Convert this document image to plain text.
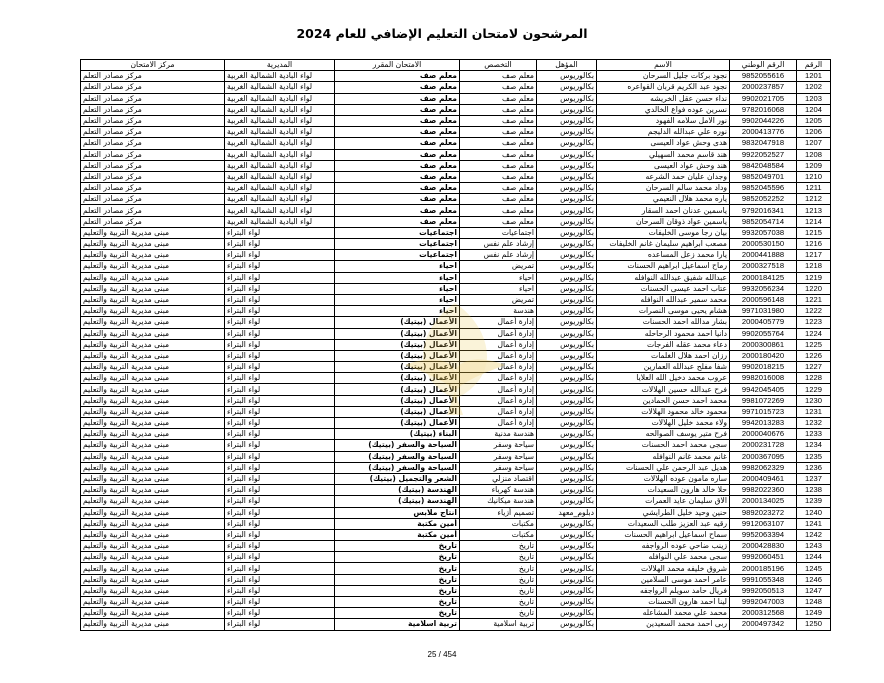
المرشحون لامتحان التعليم الإضافي للعام 2024
الرقم	الرقم الوطني	الاسم	المؤهل	التخصص	الامتحان المقرر	المديرية	مركز الامتحان
1201	9852055616	نجود بركات جليل السرحان	بكالوريوس	معلم صف	معلم صف	لواء البادية الشمالية الغربية	مركز مصادر التعلم
1202	2000237857	نجود عبد الكريم قربان القواعره	بكالوريوس	معلم صف	معلم صف	لواء البادية الشمالية الغربية	مركز مصادر التعلم
1203	9902021705	نداء حسن عقل الخريشه	بكالوريوس	معلم صف	معلم صف	لواء البادية الشمالية الغربية	مركز مصادر التعلم
1204	9782016068	نسرين عوده فواع الخالدي	بكالوريوس	معلم صف	معلم صف	لواء البادية الشمالية الغربية	مركز مصادر التعلم
1205	9902044226	نور الامل سلامه الفهود	بكالوريوس	معلم صف	معلم صف	لواء البادية الشمالية الغربية	مركز مصادر التعلم
1206	2000413776	نوره علي عبدالله الدليجم	بكالوريوس	معلم صف	معلم صف	لواء البادية الشمالية الغربية	مركز مصادر التعلم
1207	9832047918	هدى وحش عواد العيسى	بكالوريوس	معلم صف	معلم صف	لواء البادية الشمالية الغربية	مركز مصادر التعلم
1208	9922052527	هند قاسم محمد السهيلي	بكالوريوس	معلم صف	معلم صف	لواء البادية الشمالية الغربية	مركز مصادر التعلم
1209	9842048584	هند وحش عواد العيسى	بكالوريوس	معلم صف	معلم صف	لواء البادية الشمالية الغربية	مركز مصادر التعلم
1210	9852049701	وجدان عليان حمد الشرعه	بكالوريوس	معلم صف	معلم صف	لواء البادية الشمالية الغربية	مركز مصادر التعلم
1211	9852045596	وداد محمد سالم السرحان	بكالوريوس	معلم صف	معلم صف	لواء البادية الشمالية الغربية	مركز مصادر التعلم
1212	9852052252	ياره محمد هلال النعيمي	بكالوريوس	معلم صف	معلم صف	لواء البادية الشمالية الغربية	مركز مصادر التعلم
1213	9792016341	ياسمين عدنان احمد السقار	بكالوريوس	معلم صف	معلم صف	لواء البادية الشمالية الغربية	مركز مصادر التعلم
1214	9852054714	ياسمين عواد ذوقان السرحان	بكالوريوس	معلم صف	معلم صف	لواء البادية الشمالية الغربية	مركز مصادر التعلم
1215	9932057038	بيان رجا موسى الخليفات	بكالوريوس	اجتماعيات	اجتماعيات	لواء البتراء	مبنى مديرية التربية والتعليم
1216	2000530150	مصعب ابراهيم سليمان غانم الخليفات	بكالوريوس	إرشاد علم نفس	اجتماعيات	لواء البتراء	مبنى مديرية التربية والتعليم
1217	2000441888	يارا محمد زعل المساعده	بكالوريوس	إرشاد علم نفس	اجتماعيات	لواء البتراء	مبنى مديرية التربية والتعليم
1218	2000327518	رماح اسماعيل ابراهيم الحسنات	بكالوريوس	تمريض	احياء	لواء البتراء	مبنى مديرية التربية والتعليم
1219	2000184125	عبدالله شفيق عبدالله النوافله	بكالوريوس	احياء	احياء	لواء البتراء	مبنى مديرية التربية والتعليم
1220	9932056234	عتاب احمد عيسى الحسنات	بكالوريوس	احياء	احياء	لواء البتراء	مبنى مديرية التربية والتعليم
1221	2000596148	محمد سمير عبدالله النوافله	بكالوريوس	تمريض	احياء	لواء البتراء	مبنى مديرية التربية والتعليم
1222	9971031980	هشام يحيى موسى النصرات	بكالوريوس	هندسة	احياء	لواء البتراء	مبنى مديرية التربية والتعليم
1223	2000405779	بشار مدالله احمد الحسنات	بكالوريوس	إدارة أعمال	الأعمال (بيتيك)	لواء البتراء	مبنى مديرية التربية والتعليم
1224	9902055764	دانيا احمد محمود الرحاحله	بكالوريوس	إدارة أعمال	الأعمال (بيتيك)	لواء البتراء	مبنى مديرية التربية والتعليم
1225	2000300861	دعاء محمد عقله الفرجات	بكالوريوس	إدارة أعمال	الأعمال (بيتيك)	لواء البتراء	مبنى مديرية التربية والتعليم
1226	2000180420	رزان احمد هلال الغلمات	بكالوريوس	إدارة أعمال	الأعمال (بيتيك)	لواء البتراء	مبنى مديرية التربية والتعليم
1227	9902018215	شفا مفلح عبدالله العمارين	بكالوريوس	إدارة أعمال	الأعمال (بيتيك)	لواء البتراء	مبنى مديرية التربية والتعليم
1228	9982016008	عروب محمد دخيل الله العلايا	بكالوريوس	إدارة أعمال	الأعمال (بيتيك)	لواء البتراء	مبنى مديرية التربية والتعليم
1229	9942045405	فرح عبدالله حسين الهلالات	بكالوريوس	إدارة أعمال	الأعمال (بيتيك)	لواء البتراء	مبنى مديرية التربية والتعليم
1230	9981072269	محمد احمد حسن الحمادين	بكالوريوس	إدارة أعمال	الأعمال (بيتيك)	لواء البتراء	مبنى مديرية التربية والتعليم
1231	9971015723	محمود خالد محمود الهلالات	بكالوريوس	إدارة أعمال	الأعمال (بيتيك)	لواء البتراء	مبنى مديرية التربية والتعليم
1232	9942013283	ولاء محمد خليل الهلالات	بكالوريوس	إدارة أعمال	الأعمال (بيتيك)	لواء البتراء	مبنى مديرية التربية والتعليم
1233	2000040676	فرح متير يوسف الصوالحه	بكالوريوس	هندسة مدنية	البناء (بيتيك)	لواء البتراء	مبنى مديرية التربية والتعليم
1234	2000231728	سجى محمد احمد الحسنات	بكالوريوس	سياحة وسفر	السياحة والسفر (بيتيك)	لواء البتراء	مبنى مديرية التربية والتعليم
1235	2000367095	غانم محمد غانم النوافله	بكالوريوس	سياحة وسفر	السياحة والسفر (بيتيك)	لواء البتراء	مبنى مديرية التربية والتعليم
1236	9982062329	هديل عبد الرحمن علي الحسنات	بكالوريوس	سياحة وسفر	السياحة والسفر (بيتيك)	لواء البتراء	مبنى مديرية التربية والتعليم
1237	2000409461	ساره مامون عوده الهلالات	بكالوريوس	اقتصاد منزلي	الشعر والتجميل (بيتيك)	لواء البتراء	مبنى مديرية التربية والتعليم
1238	9982022360	حلا خالد هارون السعيدات	بكالوريوس	هندسة كهرباء	الهندسة (بيتيك)	لواء البتراء	مبنى مديرية التربية والتعليم
1239	2000134025	الاق سليمان عايد العمرات	بكالوريوس	هندسة ميكانيك	الهندسة (بيتيك)	لواء البتراء	مبنى مديرية التربية والتعليم
1240	9892023272	حنين وحيد خليل الطرايشي	دبلوم_معهد	تصميم أزياء	انتاج ملابس	لواء البتراء	مبنى مديرية التربية والتعليم
1241	9912063107	رقيه عبد العزيز طلب السعيدات	بكالوريوس	مكتبات	أمين مكتبة	لواء البتراء	مبنى مديرية التربية والتعليم
1242	9952063394	سماح اسماعيل ابراهيم الحسنات	بكالوريوس	مكتبات	أمين مكتبة	لواء البتراء	مبنى مديرية التربية والتعليم
1243	2000428830	زينب ضاحي عوده الرواجفه	بكالوريوس	تاريخ	تاريخ	لواء البتراء	مبنى مديرية التربية والتعليم
1244	9992060451	سجى محمد علي النوافله	بكالوريوس	تاريخ	تاريخ	لواء البتراء	مبنى مديرية التربية والتعليم
1245	2000185196	شروق خليفه محمد الهلالات	بكالوريوس	تاريخ	تاريخ	لواء البتراء	مبنى مديرية التربية والتعليم
1246	9991055348	عامر احمد موسى السلامين	بكالوريوس	تاريخ	تاريخ	لواء البتراء	مبنى مديرية التربية والتعليم
1247	9992050513	فريال حامد سويلم الرواجفه	بكالوريوس	تاريخ	تاريخ	لواء البتراء	مبنى مديرية التربية والتعليم
1248	9992047003	لينا احمد هارون الحسنات	بكالوريوس	تاريخ	تاريخ	لواء البتراء	مبنى مديرية التربية والتعليم
1249	2000312568	محمد علي محمد المشاعله	بكالوريوس	تاريخ	تاريخ	لواء البتراء	مبنى مديرية التربية والتعليم
1250	2000497342	ربى احمد محمد السعيدين	بكالوريوس	تربية اسلامية	تربية اسلامية	لواء البتراء	مبنى مديرية التربية والتعليم
25 / 454
